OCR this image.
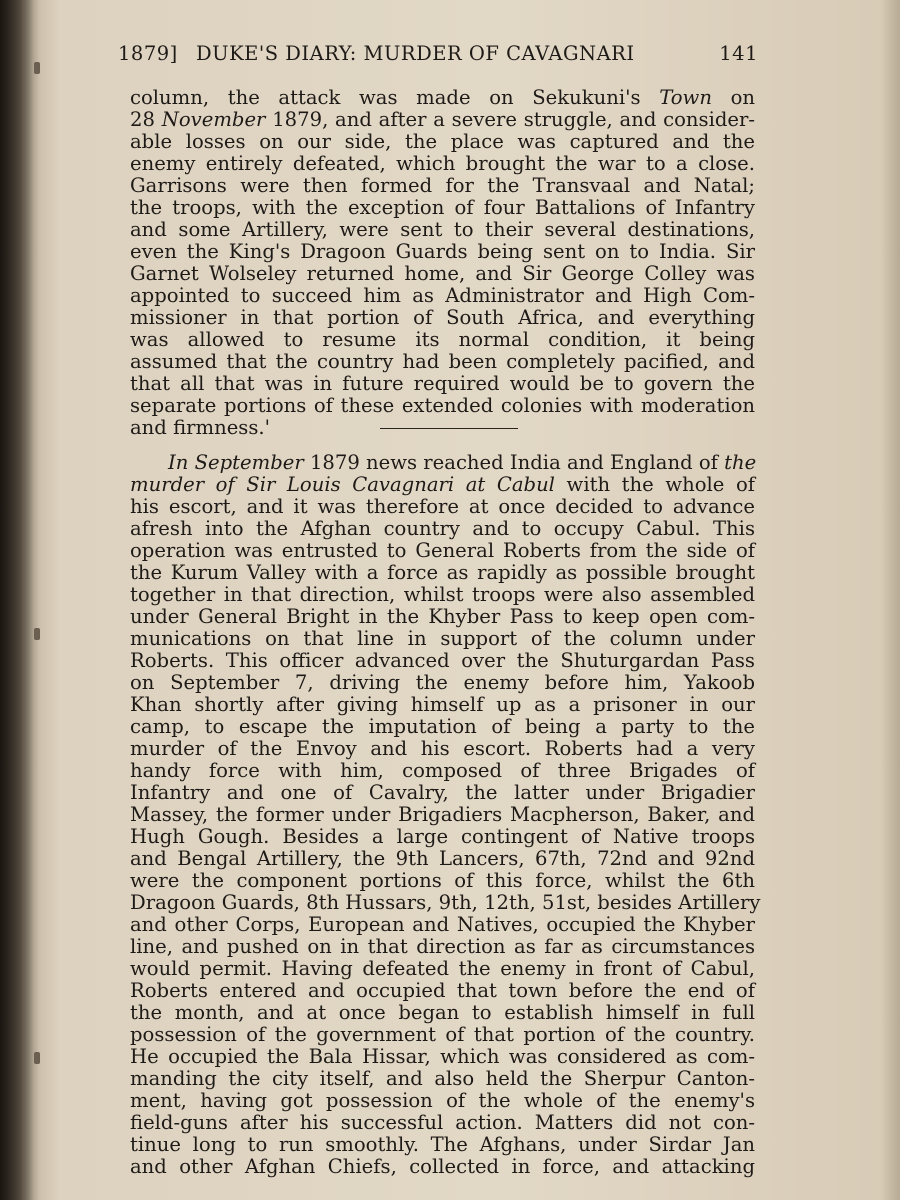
1879] DUKE'S DIARY: MURDER OF CAVAGNARI	141
column, the attack was made on Sekukuni's Town on
28 November 1879, and after a severe struggle, and consider-
able losses on our side, the place was captured and the
enemy entirely defeated, which brought the war to a close.
Garrisons were then formed for the Transvaal and Natal;
the troops, with the exception of four Battalions of Infantry
and some Artillery, were sent to their several destinations,
even the King's Dragoon Guards being sent on to India. Sir
Garnet Wolseley returned home, and Sir George Colley was
appointed to succeed him as Administrator and High Com-
missioner in that portion of South Africa, and everything
was allowed to resume its normal condition, it being
assumed that the country had been completely pacified, and
that all that was in future required would be to govern the
separate portions of these extended colonies with moderation
and firmness.'
In September 1879 news reached India and England of the
murder of Sir Louis Cavagnari at Cabul with the whole of
his escort, and it was therefore at once decided to advance
afresh into the Afghan country and to occupy Cabul. This
operation was entrusted to General Roberts from the side of
the Kurum Valley with a force as rapidly as possible brought
together in that direction, whilst troops were also assembled
under General Bright in the Khyber Pass to keep open com-
munications on that line in support of the column under
Roberts. This officer advanced over the Shuturgardan Pass
on September 7, driving the enemy before him, Yakoob
Khan shortly after giving himself up as a prisoner in our
camp, to escape the imputation of being a party to the
murder of the Envoy and his escort. Roberts had a very
handy force with him, composed of three Brigades of
Infantry and one of Cavalry, the latter under Brigadier
Massey, the former under Brigadiers Macpherson, Baker, and
Hugh Gough. Besides a large contingent of Native troops
and Bengal Artillery, the 9th Lancers, 67th, 72nd and 92nd
were the component portions of this force, whilst the 6th
Dragoon Guards, 8th Hussars, 9th, 12th, 51st, besides Artillery
and other Corps, European and Natives, occupied the Khyber
line, and pushed on in that direction as far as circumstances
would permit. Having defeated the enemy in front of Cabul,
Roberts entered and occupied that town before the end of
the month, and at once began to establish himself in full
possession of the government of that portion of the country.
He occupied the Bala Hissar, which was considered as com-
manding the city itself, and also held the Sherpur Canton-
ment, having got possession of the whole of the enemy's
field-guns after his successful action. Matters did not con-
tinue long to run smoothly. The Afghans, under Sirdar Jan
and other Afghan Chiefs, collected in force, and attacking
